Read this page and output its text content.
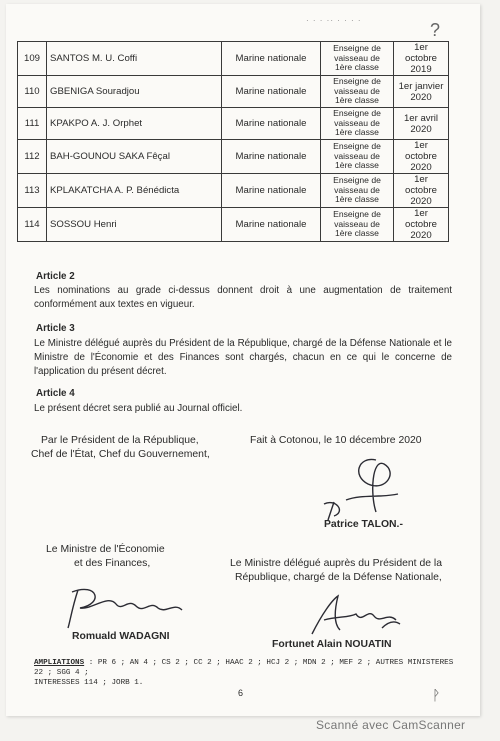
· · · ·· · · · ·	?
109	SANTOS M. U. Coffi	Marine nationale	Enseigne de
vaisseau de
1ère classe	1er octobre 2019
110	GBENIGA Souradjou	Marine nationale	Enseigne de
vaisseau de
1ère classe	1er janvier 2020
111	KPAKPO A. J. Orphet	Marine nationale	Enseigne de
vaisseau de
1ère classe	1er avril 2020
112	BAH-GOUNOU SAKA Fêçal	Marine nationale	Enseigne de
vaisseau de
1ère classe	1er octobre 2020
113	KPLAKATCHA A. P. Bénédicta	Marine nationale	Enseigne de
vaisseau de
1ère classe	1er octobre 2020
114	SOSSOU Henri	Marine nationale	Enseigne de
vaisseau de
1ère classe	1er octobre 2020
Article 2
Les nominations au grade ci-dessus donnent droit à une augmentation de traitement conformément aux textes en vigueur.
Article 3
Le Ministre délégué auprès du Président de la République, chargé de la Défense Nationale et le Ministre de l'Économie et des Finances sont chargés, chacun en ce qui le concerne de l'application du présent décret.
Article 4
Le présent décret sera publié au Journal officiel.
Par le Président de la République,
Chef de l'État, Chef du Gouvernement,
Fait à Cotonou, le 10 décembre 2020
Patrice TALON.-
Le Ministre de l'Économie
et des Finances,	Le Ministre délégué auprès du Président de la
République, chargé de la Défense Nationale,
Romuald WADAGNI
Fortunet Alain NOUATIN
AMPLIATIONS : PR 6 ; AN 4 ; CS 2 ; CC 2 ; HAAC 2 ; HCJ 2 ; MDN 2 ; MEF 2 ; AUTRES MINISTERES 22 ; SGG 4 ;
INTERESSES 114 ; JORB 1.
6	ᚹ
Scanné avec CamScanner
